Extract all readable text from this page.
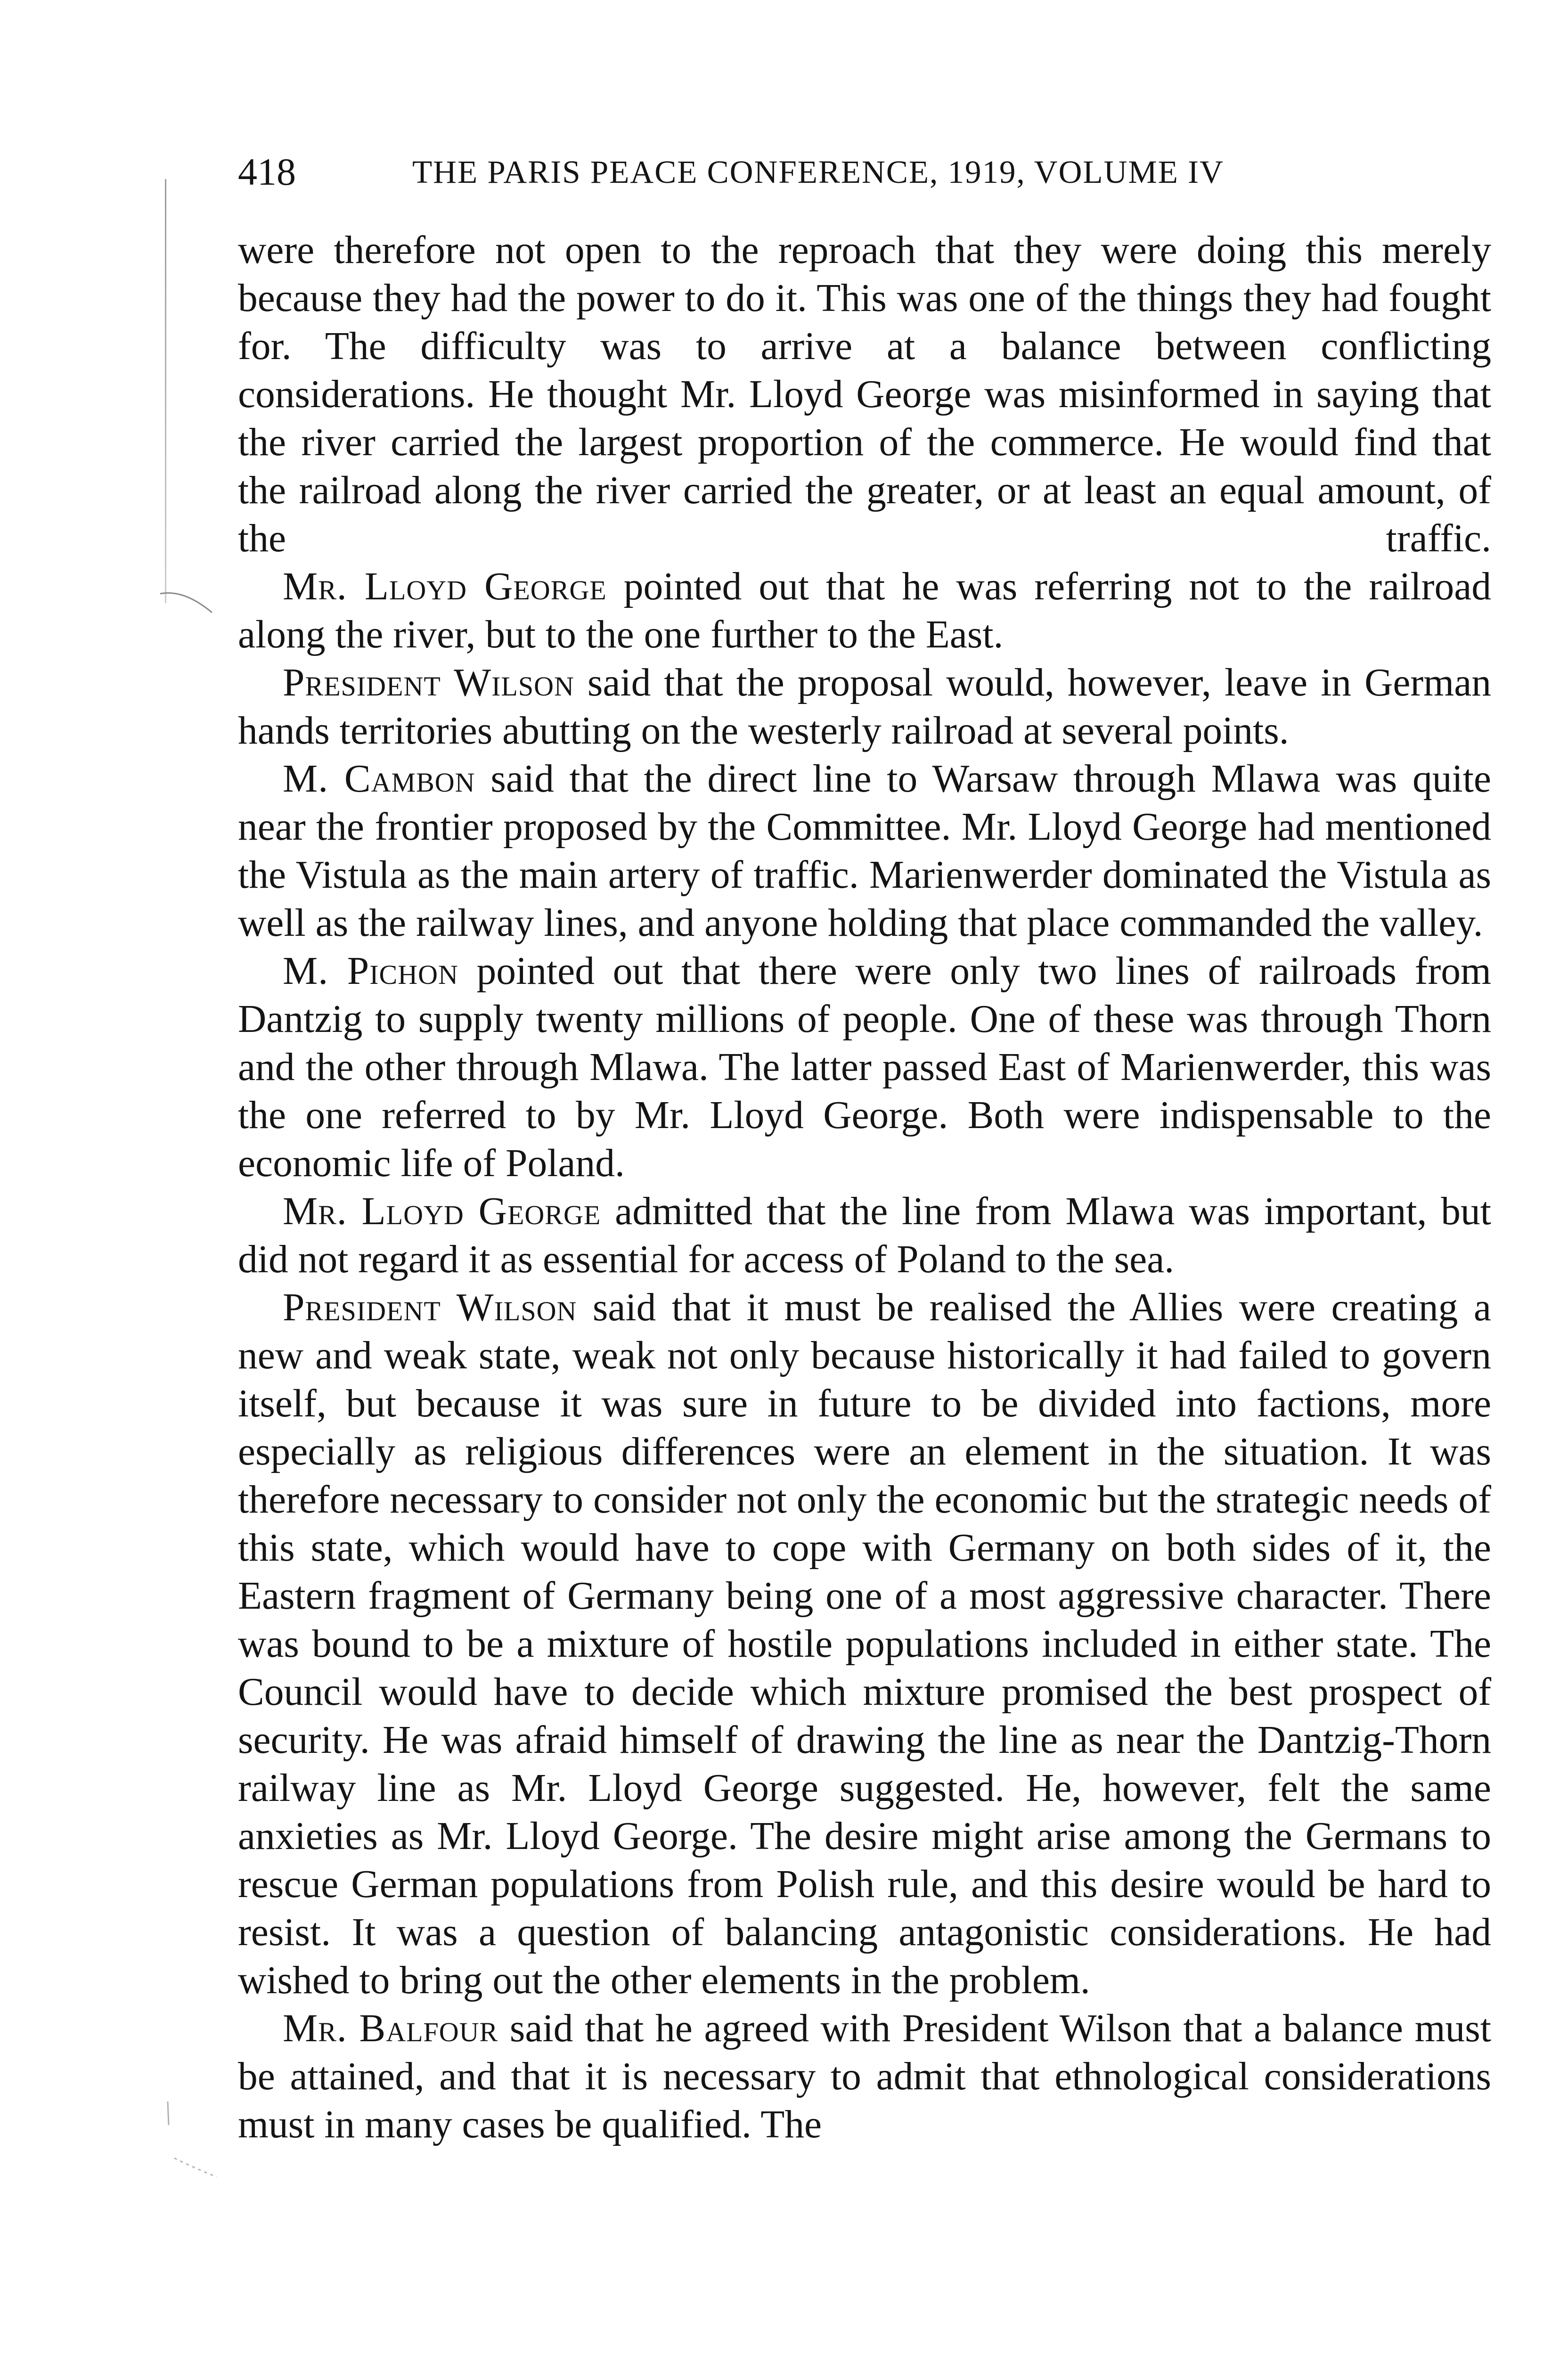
418	THE PARIS PEACE CONFERENCE, 1919, VOLUME IV

were therefore not open to the reproach that they were doing this merely because they had the power to do it. This was one of the things they had fought for. The difficulty was to arrive at a balance between conflicting considerations. He thought Mr. Lloyd George was misinformed in saying that the river carried the largest proportion of the commerce. He would find that the railroad along the river carried the greater, or at least an equal amount, of the traffic.

Mr. Lloyd George pointed out that he was referring not to the railroad along the river, but to the one further to the East.

President Wilson said that the proposal would, however, leave in German hands territories abutting on the westerly railroad at several points.

M. Cambon said that the direct line to Warsaw through Mlawa was quite near the frontier proposed by the Committee. Mr. Lloyd George had mentioned the Vistula as the main artery of traffic. Marienwerder dominated the Vistula as well as the railway lines, and anyone holding that place commanded the valley.

M. Pichon pointed out that there were only two lines of railroads from Dantzig to supply twenty millions of people. One of these was through Thorn and the other through Mlawa. The latter passed East of Marienwerder, this was the one referred to by Mr. Lloyd George. Both were indispensable to the economic life of Poland.

Mr. Lloyd George admitted that the line from Mlawa was important, but did not regard it as essential for access of Poland to the sea.

President Wilson said that it must be realised the Allies were creating a new and weak state, weak not only because historically it had failed to govern itself, but because it was sure in future to be divided into factions, more especially as religious differences were an element in the situation. It was therefore necessary to consider not only the economic but the strategic needs of this state, which would have to cope with Germany on both sides of it, the Eastern fragment of Germany being one of a most aggressive character. There was bound to be a mixture of hostile populations included in either state. The Council would have to decide which mixture promised the best prospect of security. He was afraid himself of drawing the line as near the Dantzig-Thorn railway line as Mr. Lloyd George suggested. He, however, felt the same anxieties as Mr. Lloyd George. The desire might arise among the Germans to rescue German populations from Polish rule, and this desire would be hard to resist. It was a question of balancing antagonistic considerations. He had wished to bring out the other elements in the problem.

Mr. Balfour said that he agreed with President Wilson that a balance must be attained, and that it is necessary to admit that ethnological considerations must in many cases be qualified. The
